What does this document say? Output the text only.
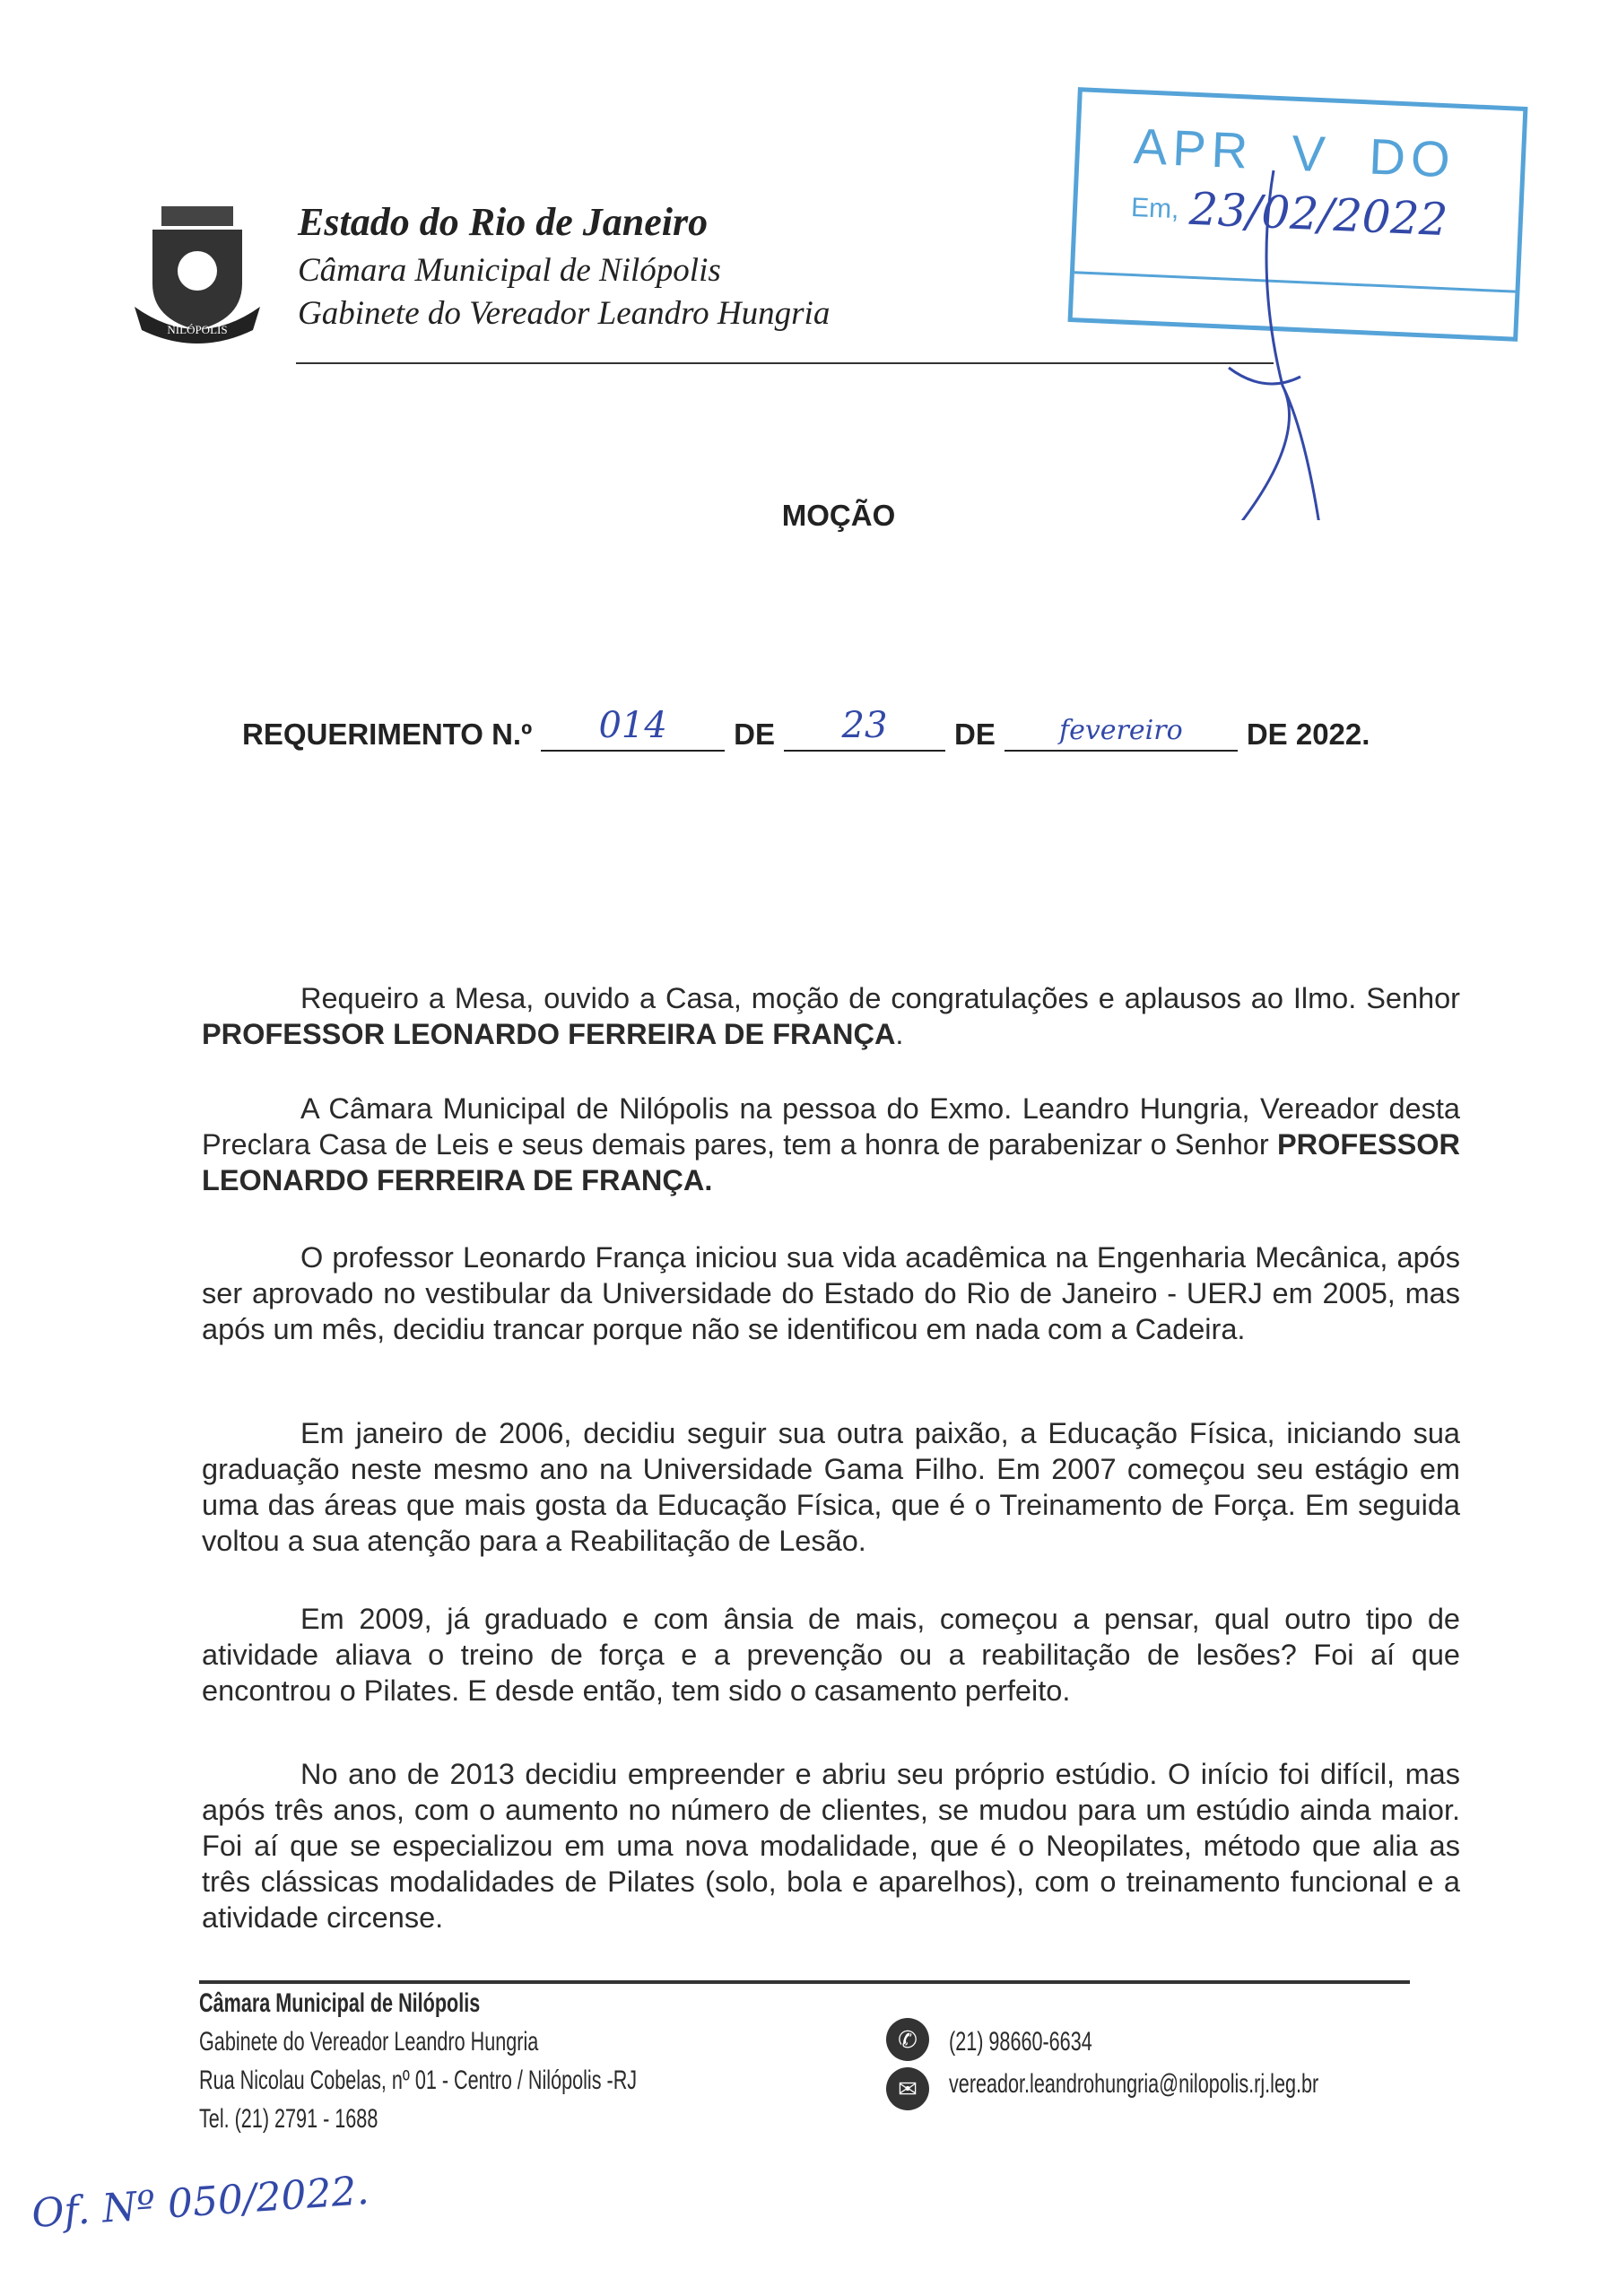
NILÓPOLIS
Estado do Rio de Janeiro
Câmara Municipal de Nilópolis
Gabinete do Vereador Leandro Hungria
APR  V  DO
Em, 23/02/2022
MOÇÃO
REQUERIMENTO N.º	014	DE	23	DE	fevereiro	DE 2022.

Requeiro a Mesa, ouvido a Casa, moção de congratulações e aplausos ao Ilmo. Senhor PROFESSOR LEONARDO FERREIRA DE FRANÇA.

A Câmara Municipal de Nilópolis na pessoa do Exmo. Leandro Hungria, Vereador desta Preclara Casa de Leis e seus demais pares, tem a honra de parabenizar o Senhor PROFESSOR LEONARDO FERREIRA DE FRANÇA.

O professor Leonardo França iniciou sua vida acadêmica na Engenharia Mecânica, após ser aprovado no vestibular da Universidade do Estado do Rio de Janeiro - UERJ em 2005, mas após um mês, decidiu trancar porque não se identificou em nada com a Cadeira.

Em janeiro de 2006, decidiu seguir sua outra paixão, a Educação Física, iniciando sua graduação neste mesmo ano na Universidade Gama Filho. Em 2007 começou seu estágio em uma das áreas que mais gosta da Educação Física, que é o Treinamento de Força. Em seguida voltou a sua atenção para a Reabilitação de Lesão.

Em 2009, já graduado e com ânsia de mais, começou a pensar, qual outro tipo de atividade aliava o treino de força e a prevenção ou a reabilitação de lesões? Foi aí que encontrou o Pilates. E desde então, tem sido o casamento perfeito.

No ano de 2013 decidiu empreender e abriu seu próprio estúdio. O início foi difícil, mas após três anos, com o aumento no número de clientes, se mudou para um estúdio ainda maior. Foi aí que se especializou em uma nova modalidade, que é o Neopilates, método que alia as três clássicas modalidades de Pilates (solo, bola e aparelhos), com o treinamento funcional e a atividade circense.

Câmara Municipal de Nilópolis
Gabinete do Vereador Leandro Hungria
Rua Nicolau Cobelas, nº 01 - Centro / Nilópolis -RJ
Tel. (21) 2791 - 1688
✆	(21) 98660-6634
✉	vereador.leandrohungria@nilopolis.rj.leg.br
Of. Nº 050/2022.
